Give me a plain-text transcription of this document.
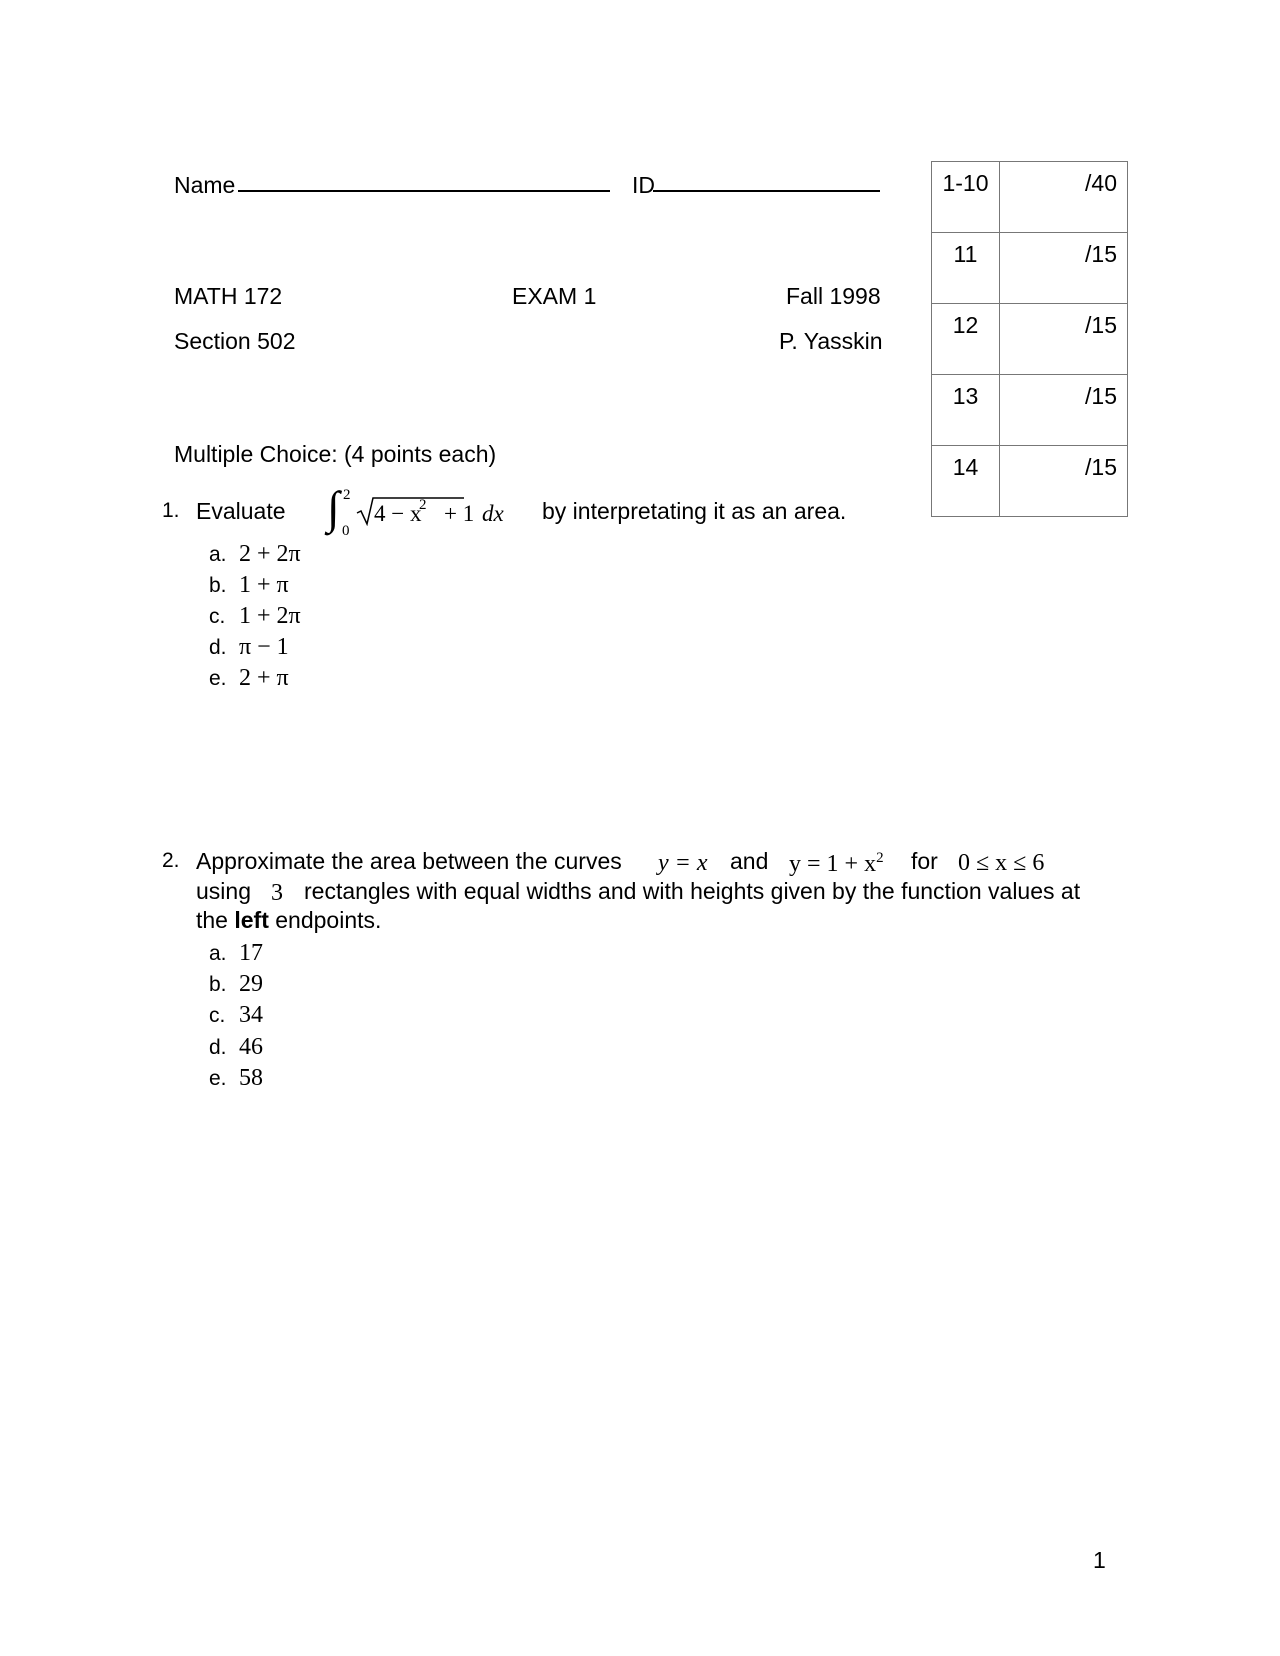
Name	ID
MATH 172	EXAM 1	Fall 1998
Section 502	P. Yasskin
1-10	/40
11	/15
12	/15
13	/15
14	/15
Multiple Choice: (4 points each)
1. Evaluate ∫ 2
0
4 − x
2 + 1 dx by interpretating it as an area.
a. 2 + 2π
b. 1 + π
c. 1 + 2π
d. π − 1
e. 2 + π
2. Approximate the area between the curves y = x and $y = 1 + x^2$ for 0 ≤ x ≤ 6
using 3 rectangles with equal widths and with heights given by the function values at
the left endpoints.
a. 17
b. 29
c. 34
d. 46
e. 58
1
